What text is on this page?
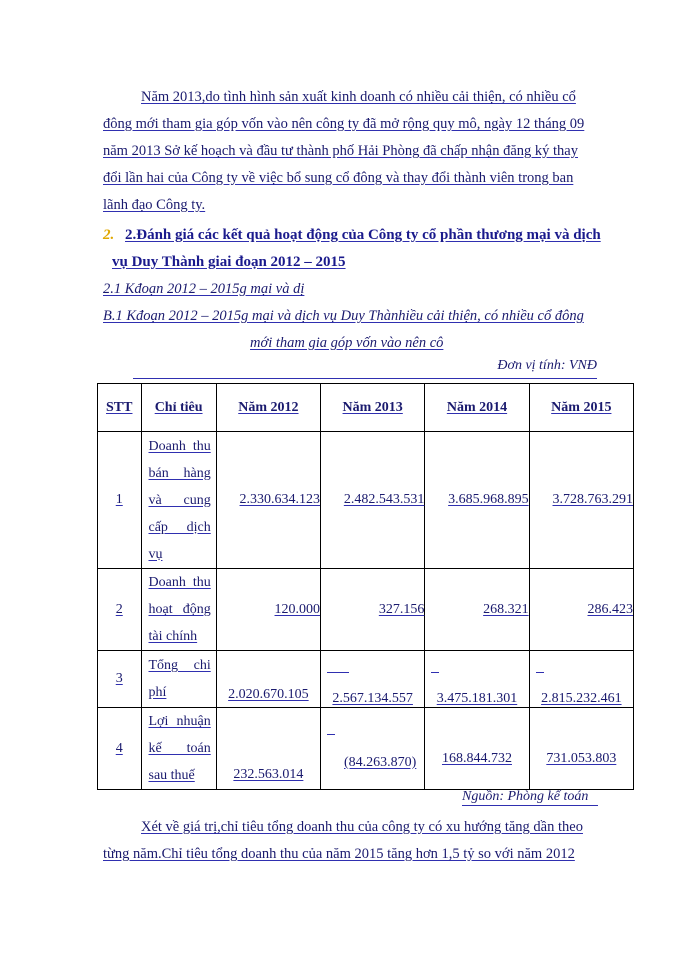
Năm 2013,do tình hình sản xuất kinh doanh có nhiều cải thiện, có nhiều cổ
đông mới tham gia góp vốn vào nên công ty đã mở rộng quy mô, ngày 12 tháng 09
năm 2013 Sở kế hoạch và đầu tư thành phố Hải Phòng đã chấp nhận đăng ký thay
đổi lần hai của Công ty về việc bổ sung cổ đông và thay đổi thành viên trong ban
lãnh đạo Công ty.
2. 2.Đánh giá các kết quả hoạt động của Công ty cổ phần thương mại và dịch
vụ Duy Thành giai đoạn 2012 – 2015
2.1 Kđoạn 2012 – 2015g mại và dị
B.1 Kđoạn 2012 – 2015g mại và dịch vụ Duy Thànhiều cải thiện, có nhiều cổ đông
mới tham gia góp vốn vào nên cô
Đơn vị tính: VNĐ
STT	Chỉ tiêu	Năm 2012	Năm 2013	Năm 2014	Năm 2015
1	Doanh thu
bán hàng
và cung
cấp dịch
vụ	2.330.634.123	2.482.543.531	3.685.968.895	3.728.763.291
2	Doanh thu
hoạt động
tài chính	120.000	327.156	268.321	286.423
3	Tổng chi
phí	2.020.670.105	2.567.134.557	3.475.181.301	2.815.232.461

4	Lợi nhuận
kế toán
sau thuế	232.563.014	(84.263.870)	168.844.732	731.053.803
Nguồn: Phòng kế toán
Xét về giá trị,chỉ tiêu tổng doanh thu của công ty có xu hướng tăng dần theo
từng năm.Chỉ tiêu tổng doanh thu của năm 2015 tăng hơn 1,5 tỷ so với năm 2012
